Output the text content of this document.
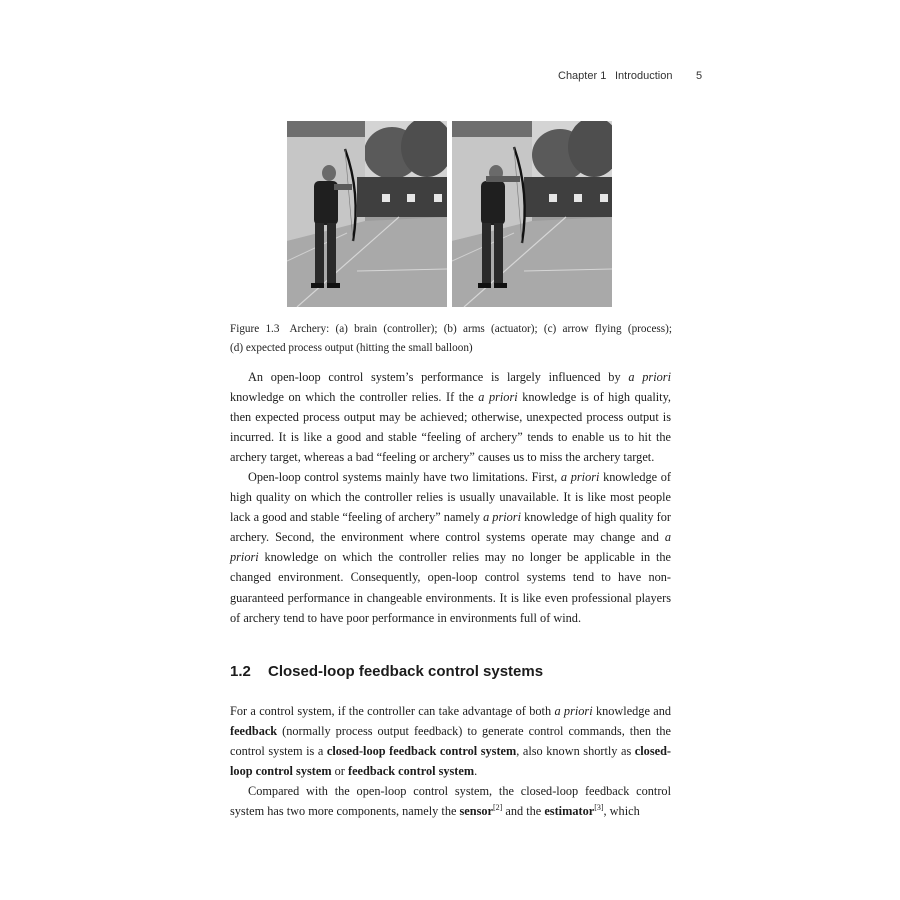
Chapter 1 Introduction 5
Figure 1.3 Archery: (a) brain (controller); (b) arms (actuator); (c) arrow flying (process);
(d) expected process output (hitting the small balloon)

An open-loop control system’s performance is largely influenced by a priori knowledge on which the controller relies. If the a priori knowledge is of high quality, then expected process output may be achieved; otherwise, unexpected process output is incurred. It is like a good and stable “feeling of archery” tends to enable us to hit the archery target, whereas a bad “feeling or archery” causes us to miss the archery target.

Open-loop control systems mainly have two limitations. First, a priori knowledge of high quality on which the controller relies is usually unavailable. It is like most people lack a good and stable “feeling of archery” namely a priori knowledge of high quality for archery. Second, the environment where control systems operate may change and a priori knowledge on which the controller relies may no longer be applicable in the changed environment. Consequently, open-loop control systems tend to have non-guaranteed performance in changeable environments. It is like even professional players of archery tend to have poor performance in environments full of wind.

1.2 Closed-loop feedback control systems

For a control system, if the controller can take advantage of both a priori knowledge and feedback (normally process output feedback) to generate control commands, then the control system is a closed-loop feedback control system, also known shortly as closed-loop control system or feedback control system.

Compared with the open-loop control system, the closed-loop feedback control system has two more components, namely the sensor[2] and the estimator[3], which
